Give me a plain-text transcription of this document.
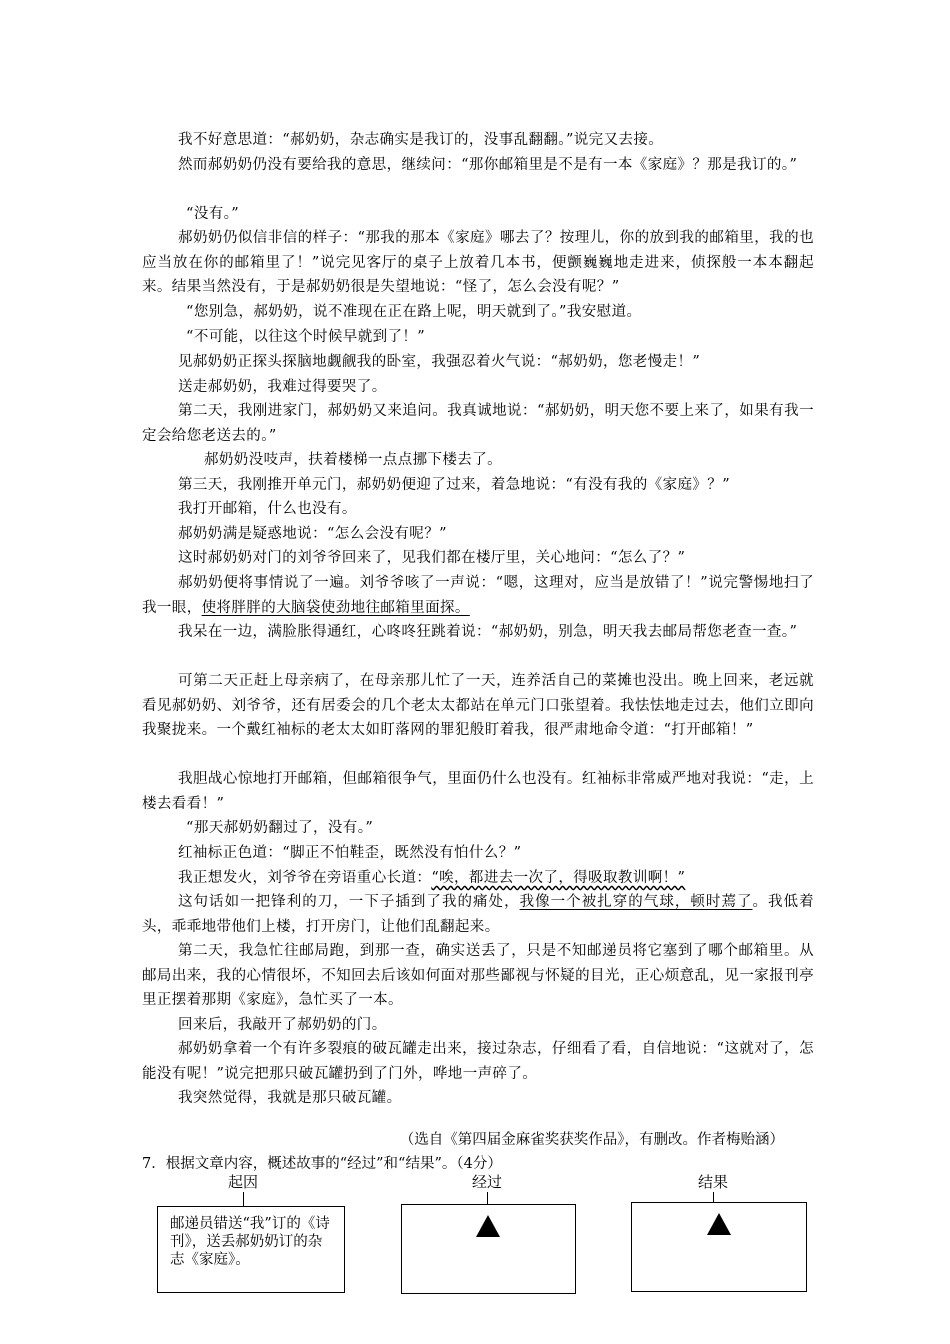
我不好意思道：“郝奶奶，杂志确实是我订的，没事乱翻翻。”说完又去接。

然而郝奶奶仍没有要给我的意思，继续问：“那你邮箱里是不是有一本《家庭》？那是我订的。”

“没有。”

郝奶奶仍似信非信的样子：“那我的那本《家庭》哪去了？按理儿，你的放到我的邮箱里，我的也应当放在你的邮箱里了！”说完见客厅的桌子上放着几本书，便颤巍巍地走进来，侦探般一本本翻起来。结果当然没有，于是郝奶奶很是失望地说：“怪了，怎么会没有呢？”

“您别急，郝奶奶，说不准现在正在路上呢，明天就到了。”我安慰道。

“不可能，以往这个时候早就到了！”

见郝奶奶正探头探脑地觑觎我的卧室，我强忍着火气说：“郝奶奶，您老慢走！”

送走郝奶奶，我难过得要哭了。

第二天，我刚进家门，郝奶奶又来追问。我真诚地说：“郝奶奶，明天您不要上来了，如果有我一定会给您老送去的。”

郝奶奶没吱声，扶着楼梯一点点挪下楼去了。

第三天，我刚推开单元门，郝奶奶便迎了过来，着急地说：“有没有我的《家庭》？”

我打开邮箱，什么也没有。

郝奶奶满是疑惑地说：“怎么会没有呢？”

这时郝奶奶对门的刘爷爷回来了，见我们都在楼厅里，关心地问：“怎么了？”

郝奶奶便将事情说了一遍。刘爷爷咳了一声说：“嗯，这理对，应当是放错了！”说完警惕地扫了我一眼，使将胖胖的大脑袋使劲地往邮箱里面探。

我呆在一边，满脸胀得通红，心咚咚狂跳着说：“郝奶奶，别急，明天我去邮局帮您老查一查。”

可第二天正赶上母亲病了，在母亲那儿忙了一天，连养活自己的菜摊也没出。晚上回来，老远就看见郝奶奶、刘爷爷，还有居委会的几个老太太都站在单元门口张望着。我怯怯地走过去，他们立即向我聚拢来。一个戴红袖标的老太太如盯落网的罪犯般盯着我，很严肃地命令道：“打开邮箱！”

我胆战心惊地打开邮箱，但邮箱很争气，里面仍什么也没有。红袖标非常威严地对我说：“走，上楼去看看！”

“那天郝奶奶翻过了，没有。”

红袖标正色道：“脚正不怕鞋歪，既然没有怕什么？”

我正想发火，刘爷爷在旁语重心长道：“唉，都进去一次了，得吸取教训啊！”

这句话如一把锋利的刀，一下子插到了我的痛处，我像一个被扎穿的气球，顿时蔫了。我低着头，乖乖地带他们上楼，打开房门，让他们乱翻起来。

第二天，我急忙往邮局跑，到那一查，确实送丢了，只是不知邮递员将它塞到了哪个邮箱里。从邮局出来，我的心情很坏，不知回去后该如何面对那些鄙视与怀疑的目光，正心烦意乱，见一家报刊亭里正摆着那期《家庭》，急忙买了一本。

回来后，我敲开了郝奶奶的门。

郝奶奶拿着一个有许多裂痕的破瓦罐走出来，接过杂志，仔细看了看，自信地说：“这就对了，怎能没有呢！”说完把那只破瓦罐扔到了门外，哗地一声碎了。

我突然觉得，我就是那只破瓦罐。

（选自《第四届金麻雀奖获奖作品》，有删改。作者梅贻涵）
7．根据文章内容，概述故事的“经过”和“结果”。（4分）
起因
邮递员错送“我”订的《诗刊》，送丢郝奶奶订的杂志《家庭》。
经过	结果
